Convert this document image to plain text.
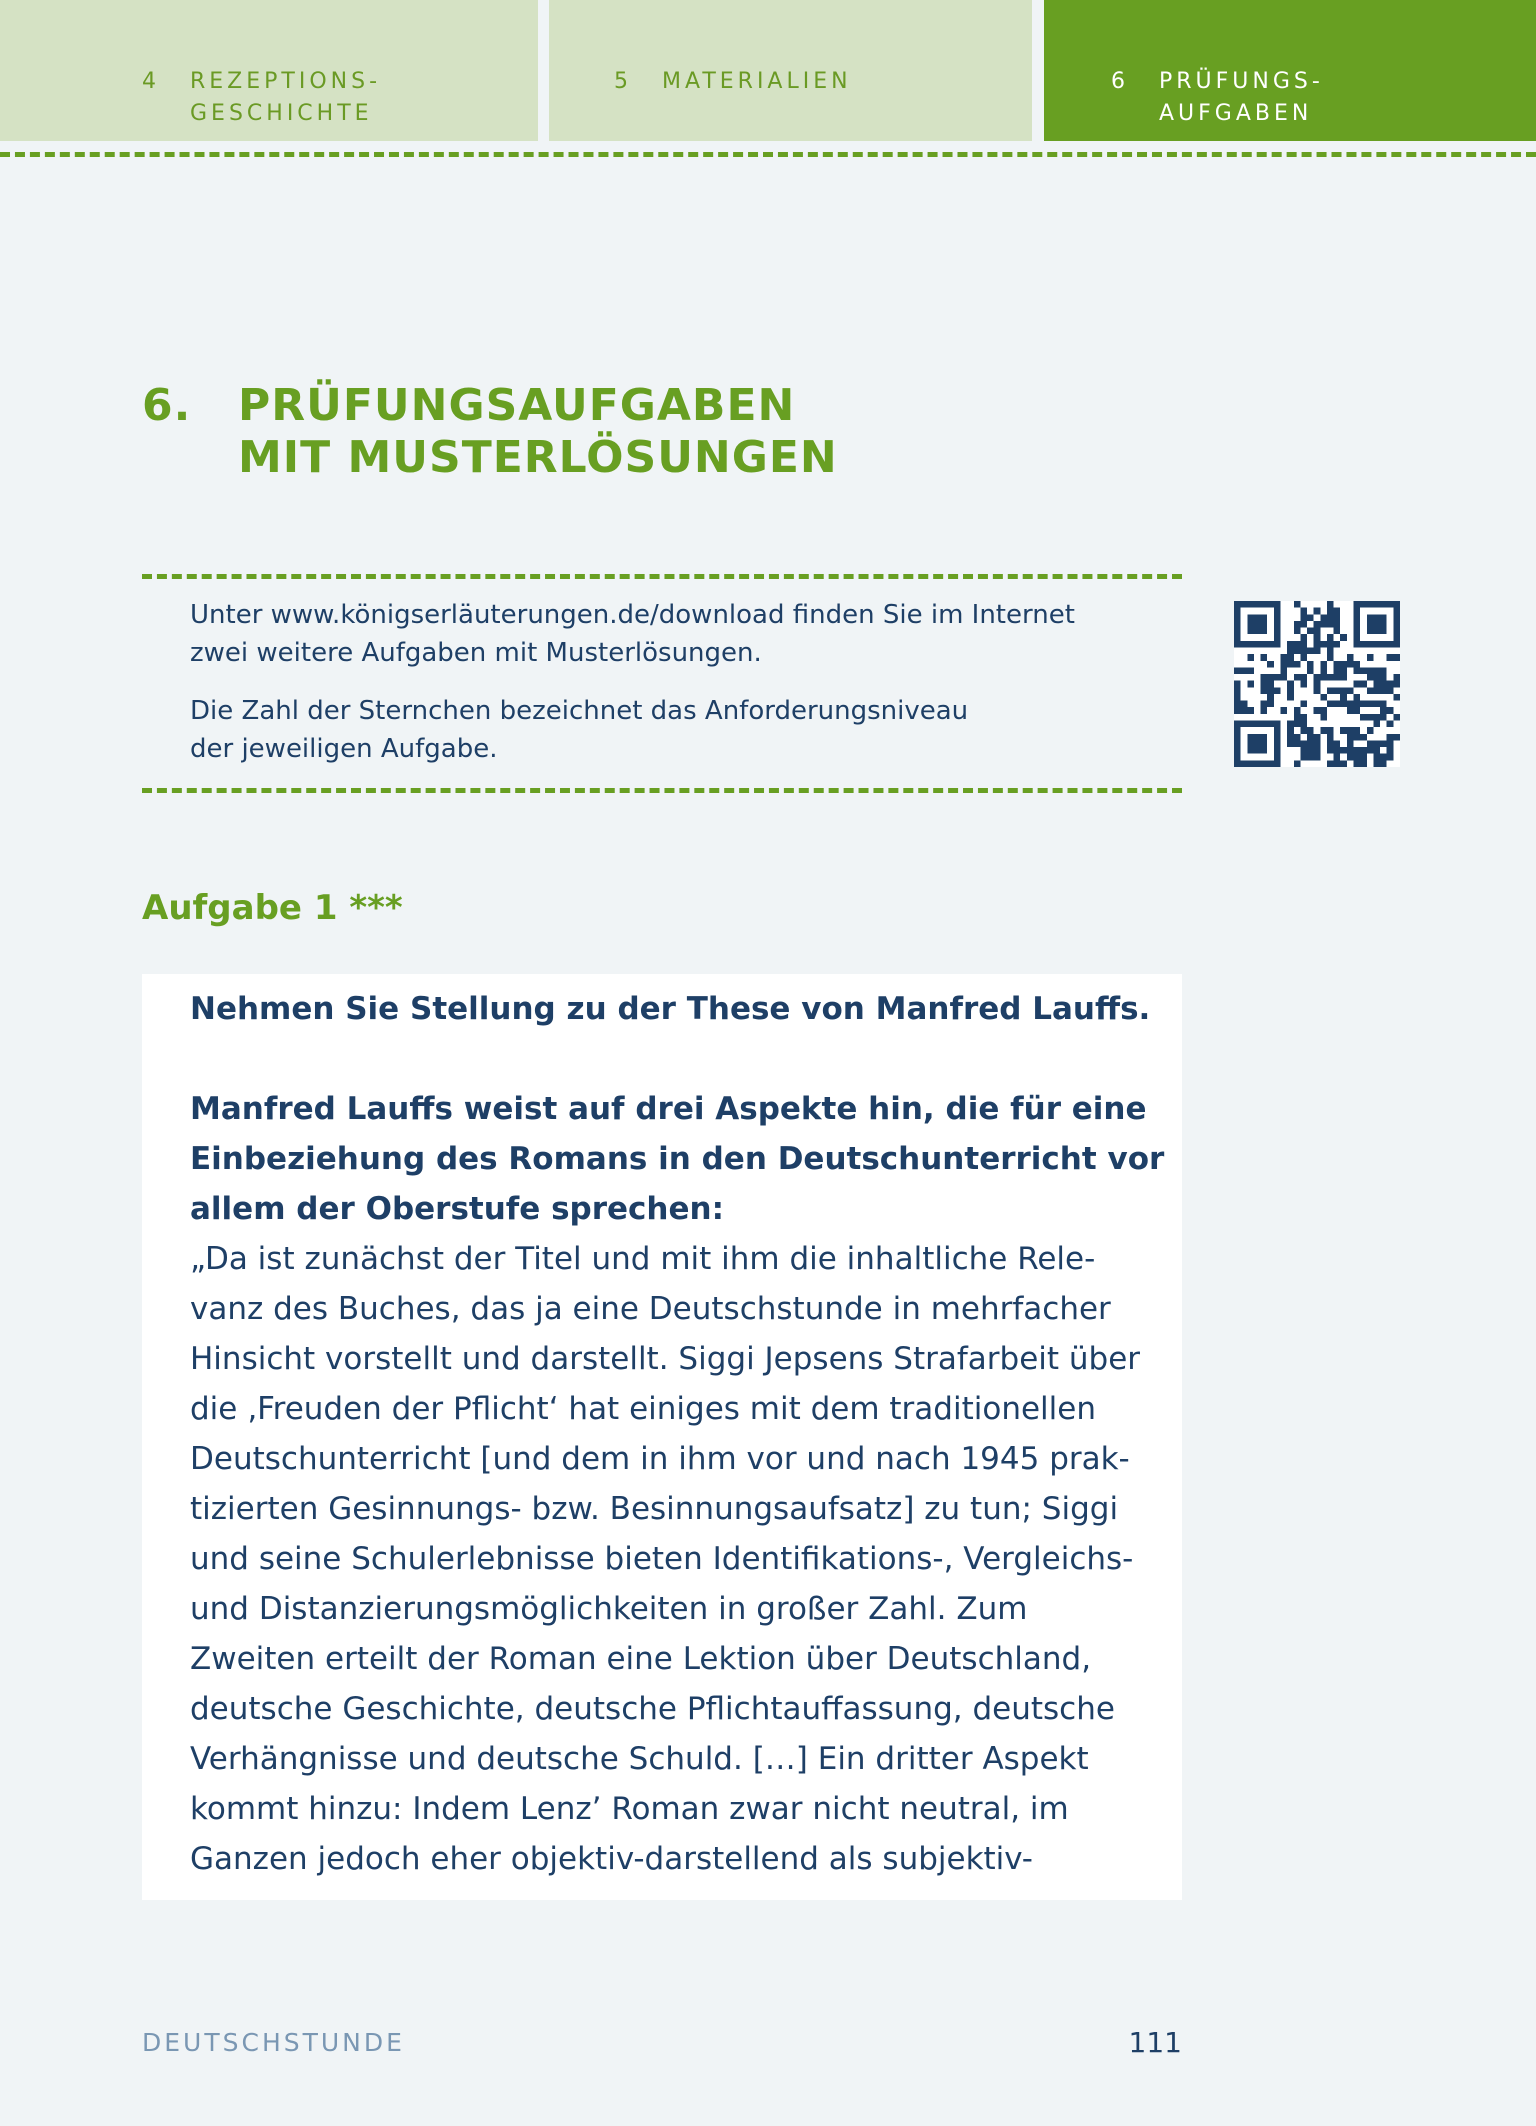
4 REZEPTIONS-
GESCHICHTE
5 MATERIALIEN	6 PRÜFUNGS-
AUFGABEN
6. PRÜFUNGSAUFGABEN
MIT MUSTERLÖSUNGEN

Unter www.königserläuterungen.de/download finden Sie im Internet
zwei weitere Aufgaben mit Musterlösungen.

Die Zahl der Sternchen bezeichnet das Anforderungsniveau
der jeweiligen Aufgabe.

Aufgabe 1 ***
Nehmen Sie Stellung zu der These von Manfred Lauffs.
Manfred Lauffs weist auf drei Aspekte hin, die für eine
Einbeziehung des Romans in den Deutschunterricht vor
allem der Oberstufe sprechen:
„Da ist zunächst der Titel und mit ihm die inhaltliche Rele-
vanz des Buches, das ja eine Deutschstunde in mehrfacher
Hinsicht vorstellt und darstellt. Siggi Jepsens Strafarbeit über
die ‚Freuden der Pflicht‘ hat einiges mit dem traditionellen
Deutschunterricht [und dem in ihm vor und nach 1945 prak-
tizierten Gesinnungs- bzw. Besinnungsaufsatz] zu tun; Siggi
und seine Schulerlebnisse bieten Identifikations-, Vergleichs-
und Distanzierungsmöglichkeiten in großer Zahl. Zum
Zweiten erteilt der Roman eine Lektion über Deutschland,
deutsche Geschichte, deutsche Pflichtauffassung, deutsche
Verhängnisse und deutsche Schuld. […] Ein dritter Aspekt
kommt hinzu: Indem Lenz’ Roman zwar nicht neutral, im
Ganzen jedoch eher objektiv-darstellend als subjektiv-
DEUTSCHSTUNDE	111
